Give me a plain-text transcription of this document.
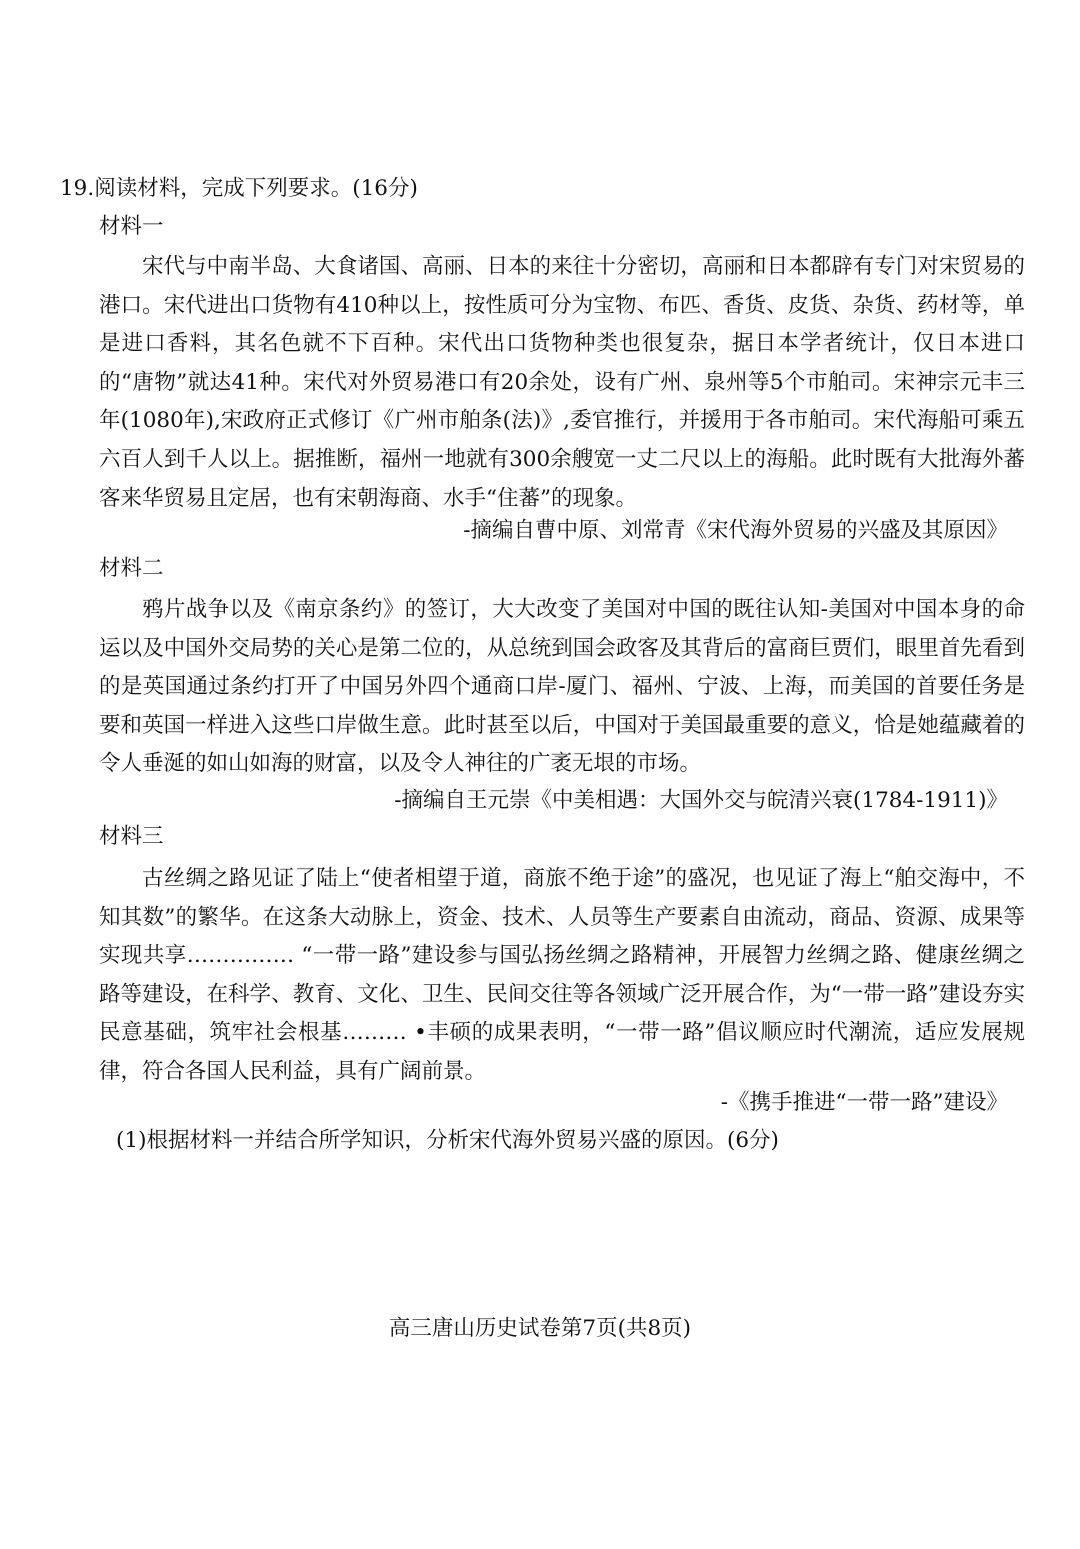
19.阅读材料，完成下列要求。(16分)
材料一
宋代与中南半岛、大食诸国、高丽、日本的来往十分密切，高丽和日本都辟有专门对宋贸易的港口。宋代进出口货物有410种以上，按性质可分为宝物、布匹、香货、皮货、杂货、药材等，单是进口香料，其名色就不下百种。宋代出口货物种类也很复杂，据日本学者统计，仅日本进口的“唐物”就达41种。宋代对外贸易港口有20余处，设有广州、泉州等5个市舶司。宋神宗元丰三年(1080年),宋政府正式修订《广州市舶条(法)》,委官推行，并援用于各市舶司。宋代海船可乘五六百人到千人以上。据推断，福州一地就有300余艘宽一丈二尺以上的海船。此时既有大批海外蕃客来华贸易且定居，也有宋朝海商、水手“住蕃”的现象。
-摘编自曹中原、刘常青《宋代海外贸易的兴盛及其原因》
材料二
鸦片战争以及《南京条约》的签订，大大改变了美国对中国的既往认知-美国对中国本身的命运以及中国外交局势的关心是第二位的，从总统到国会政客及其背后的富商巨贾们，眼里首先看到的是英国通过条约打开了中国另外四个通商口岸-厦门、福州、宁波、上海，而美国的首要任务是要和英国一样进入这些口岸做生意。此时甚至以后，中国对于美国最重要的意义，恰是她蕴藏着的令人垂涎的如山如海的财富，以及令人神往的广袤无垠的市场。
-摘编自王元崇《中美相遇：大国外交与皖清兴衰(1784-1911)》
材料三
古丝绸之路见证了陆上“使者相望于道，商旅不绝于途”的盛况，也见证了海上“舶交海中，不知其数”的繁华。在这条大动脉上，资金、技术、人员等生产要素自由流动，商品、资源、成果等实现共享…………… “一带一路”建设参与国弘扬丝绸之路精神，开展智力丝绸之路、健康丝绸之路等建设，在科学、教育、文化、卫生、民间交往等各领域广泛开展合作，为“一带一路”建设夯实民意基础，筑牢社会根基……… •丰硕的成果表明，“一带一路”倡议顺应时代潮流，适应发展规律，符合各国人民利益，具有广阔前景。
-《携手推进“一带一路”建设》
(1)根据材料一并结合所学知识，分析宋代海外贸易兴盛的原因。(6分)
高三唐山历史试卷第7页(共8页)
